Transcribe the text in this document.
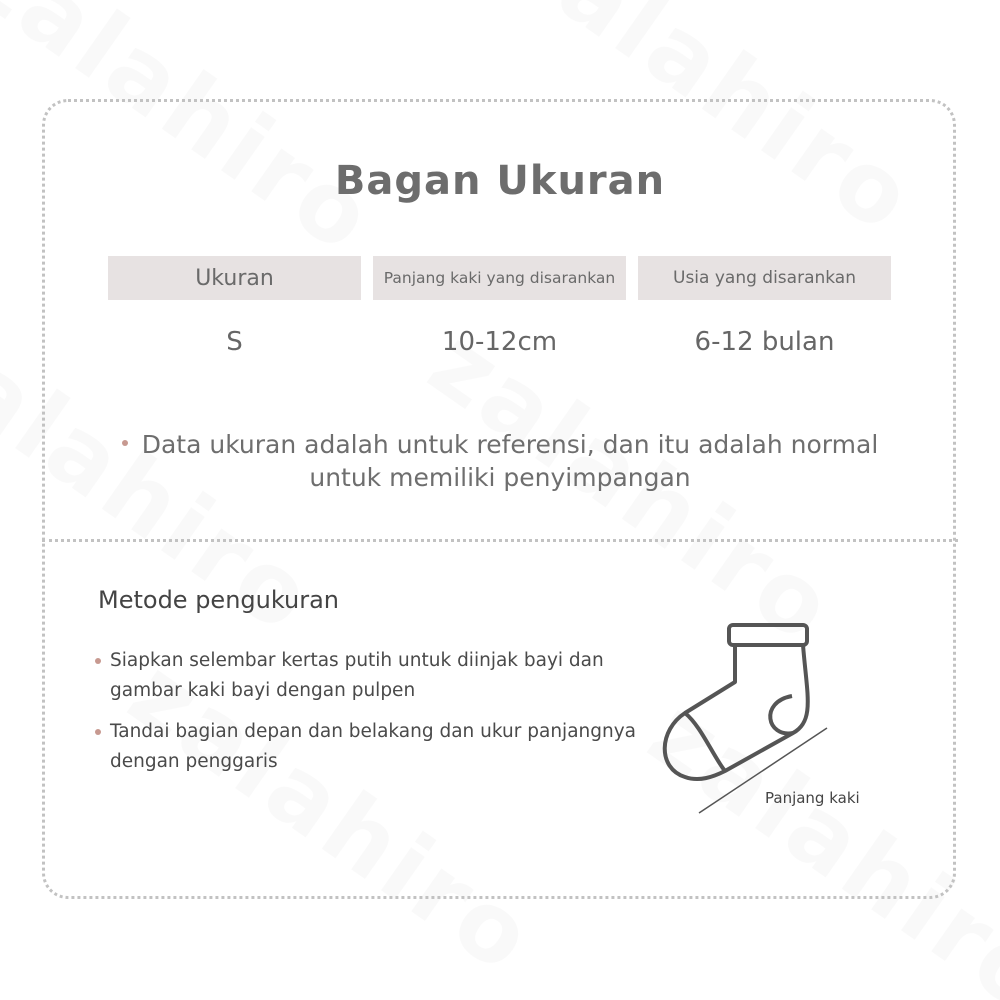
Bagan Ukuran
Ukuran	Panjang kaki yang disarankan	Usia yang disarankan
S	10-12cm	6-12 bulan
Data ukuran adalah untuk referensi, dan itu adalah normal
untuk memiliki penyimpangan
Metode pengukuran
Siapkan selembar kertas putih untuk diinjak bayi dan
gambar kaki bayi dengan pulpen
Tandai bagian depan dan belakang dan ukur panjangnya
dengan penggaris
Panjang kaki
